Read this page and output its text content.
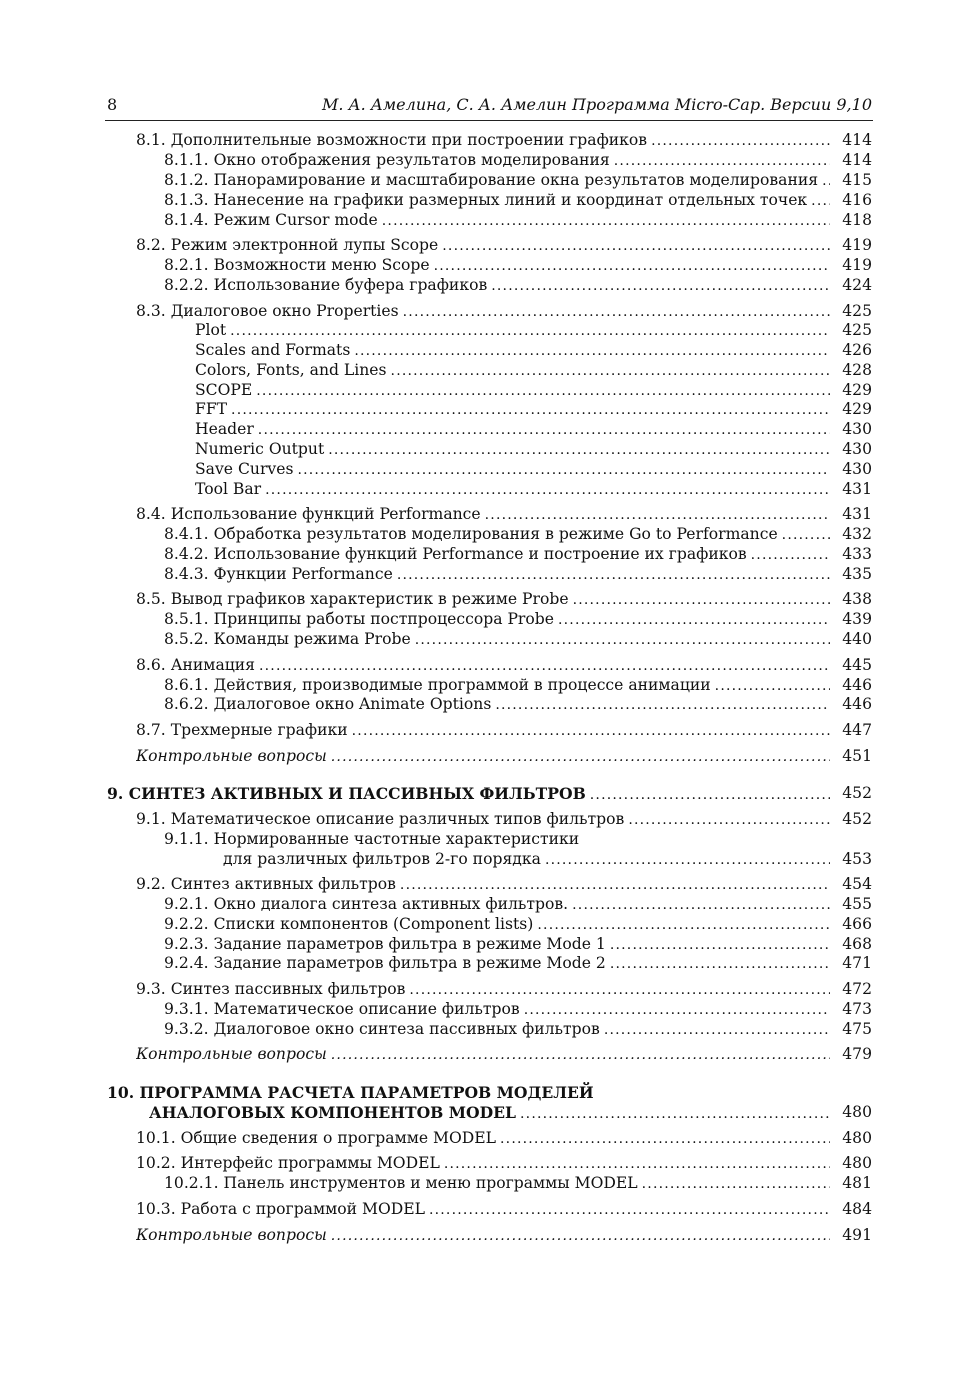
8	М. А. Амелина, С. А. Амелин Программа Micro-Cap. Версии 9,10
8.1. Дополнительные возможности при построении графиков .....	414
8.1.1. Окно отображения результатов моделирования .....	414
8.1.2. Панорамирование и масштабирование окна результатов моделирования ..... 415
8.1.3. Нанесение на графики размерных линий и координат отдельных точек ..... 416
8.1.4. Режим Cursor mode .....	418
8.2. Режим электронной лупы Scope .....	419
8.2.1. Возможности меню Scope .....	419
8.2.2. Использование буфера графиков .....	424
8.3. Диалоговое окно Properties .....	425
Plot .....	425
Scales and Formats .....	426
Colors, Fonts, and Lines .....	428
SCOPE .....	429
FFT .....	429
Header .....	430
Numeric Output .....	430
Save Curves .....	430
Tool Bar .....	431
8.4. Использование функций Performance .....	431
8.4.1. Обработка результатов моделирования в режиме Go to Performance .....	432
8.4.2. Использование функций Performance и построение их графиков .....	433
8.4.3. Функции Performance .....	435
8.5. Вывод графиков характеристик в режиме Probe .....	438
8.5.1. Принципы работы постпроцессора Probe .....	439
8.5.2. Команды режима Probe .....	440
8.6. Анимация .....	445
8.6.1. Действия, производимые программой в процессе анимации .....	446
8.6.2. Диалоговое окно Animate Options .....	446
8.7. Трехмерные графики .....	447
Контрольные вопросы .....	451
9. СИНТЕЗ АКТИВНЫХ И ПАССИВНЫХ ФИЛЬТРОВ .....	452
9.1. Математическое описание различных типов фильтров .....	452
9.1.1. Нормированные частотные характеристики
для различных фильтров 2-го порядка .....	453
9.2. Синтез активных фильтров .....	454
9.2.1. Окно диалога синтеза активных фильтров. .....	455
9.2.2. Списки компонентов (Component lists) .....	466
9.2.3. Задание параметров фильтра в режиме Mode 1 .....	468
9.2.4. Задание параметров фильтра в режиме Mode 2 .....	471
9.3. Синтез пассивных фильтров .....	472
9.3.1. Математическое описание фильтров .....	473
9.3.2. Диалоговое окно синтеза пассивных фильтров .....	475
Контрольные вопросы .....	479
10. ПРОГРАММА РАСЧЕТА ПАРАМЕТРОВ МОДЕЛЕЙ
АНАЛОГОВЫХ КОМПОНЕНТОВ MODEL .....	480
10.1. Общие сведения о программе MODEL .....	480
10.2. Интерфейс программы MODEL .....	480
10.2.1. Панель инструментов и меню программы MODEL .....	481
10.3. Работа с программой MODEL .....	484
Контрольные вопросы .....	491
